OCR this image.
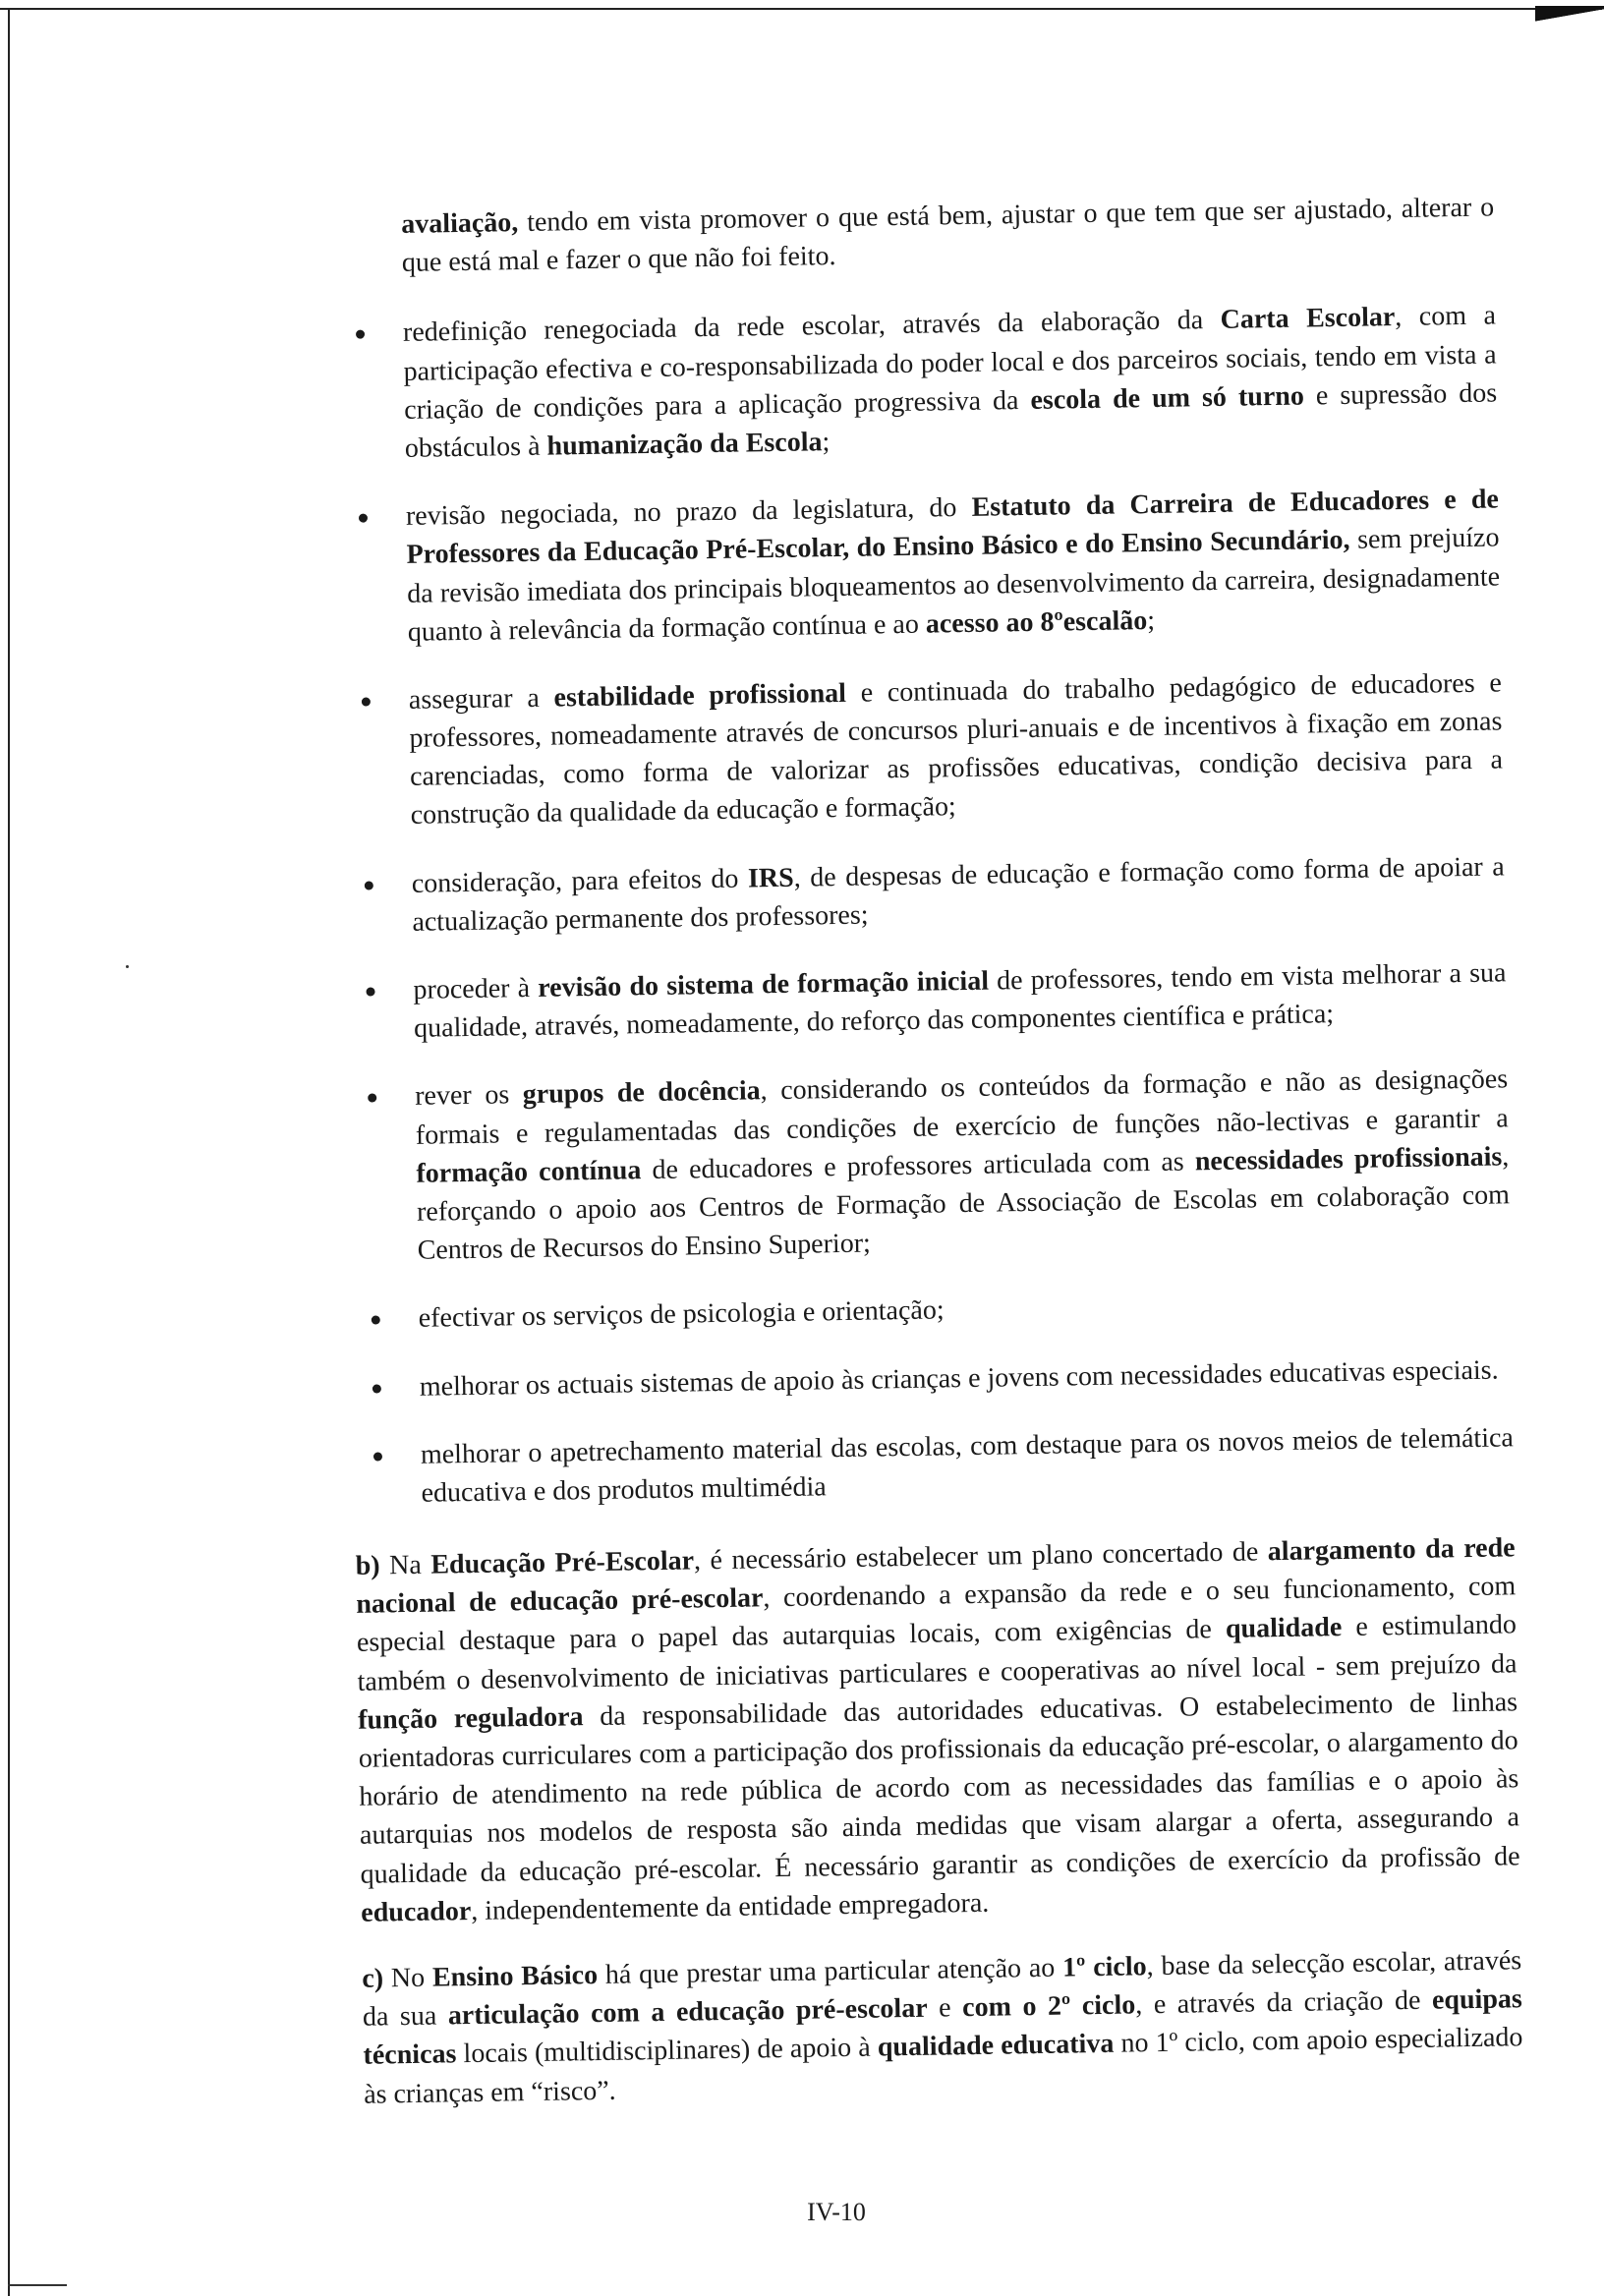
avaliação, tendo em vista promover o que está bem, ajustar o que tem que ser ajustado, alterar o que está mal e fazer o que não foi feito.

redefinição renegociada da rede escolar, através da elaboração da Carta Escolar, com a participação efectiva e co-responsabilizada do poder local e dos parceiros sociais, tendo em vista a criação de condições para a aplicação progressiva da escola de um só turno e supressão dos obstáculos à humanização da Escola;
revisão negociada, no prazo da legislatura, do Estatuto da Carreira de Educadores e de Professores da Educação Pré-Escolar, do Ensino Básico e do Ensino Secundário, sem prejuízo da revisão imediata dos principais bloqueamentos ao desenvolvimento da carreira, designadamente quanto à relevância da formação contínua e ao acesso ao 8ºescalão;
assegurar a estabilidade profissional e continuada do trabalho pedagógico de educadores e professores, nomeadamente através de concursos pluri-anuais e de incentivos à fixação em zonas carenciadas, como forma de valorizar as profissões educativas, condição decisiva para a construção da qualidade da educação e formação;
consideração, para efeitos do IRS, de despesas de educação e formação como forma de apoiar a actualização permanente dos professores;
proceder à revisão do sistema de formação inicial de professores, tendo em vista melhorar a sua qualidade, através, nomeadamente, do reforço das componentes científica e prática;
rever os grupos de docência, considerando os conteúdos da formação e não as designações formais e regulamentadas das condições de exercício de funções não-lectivas e garantir a formação contínua de educadores e professores articulada com as necessidades profissionais, reforçando o apoio aos Centros de Formação de Associação de Escolas em colaboração com Centros de Recursos do Ensino Superior;
efectivar os serviços de psicologia e orientação;
melhorar os actuais sistemas de apoio às crianças e jovens com necessidades educativas especiais.
melhorar o apetrechamento material das escolas, com destaque para os novos meios de telemática educativa e dos produtos multimédia

b) Na Educação Pré-Escolar, é necessário estabelecer um plano concertado de alargamento da rede nacional de educação pré-escolar, coordenando a expansão da rede e o seu funcionamento, com especial destaque para o papel das autarquias locais, com exigências de qualidade e estimulando também o desenvolvimento de iniciativas particulares e cooperativas ao nível local - sem prejuízo da função reguladora da responsabilidade das autoridades educativas. O estabelecimento de linhas orientadoras curriculares com a participação dos profissionais da educação pré-escolar, o alargamento do horário de atendimento na rede pública de acordo com as necessidades das famílias e o apoio às autarquias nos modelos de resposta são ainda medidas que visam alargar a oferta, assegurando a qualidade da educação pré-escolar. É necessário garantir as condições de exercício da profissão de educador, independentemente da entidade empregadora.

c) No Ensino Básico há que prestar uma particular atenção ao 1º ciclo, base da selecção escolar, através da sua articulação com a educação pré-escolar e com o 2º ciclo, e através da criação de equipas técnicas locais (multidisciplinares) de apoio à qualidade educativa no 1º ciclo, com apoio especializado às crianças em “risco”.

IV-10
